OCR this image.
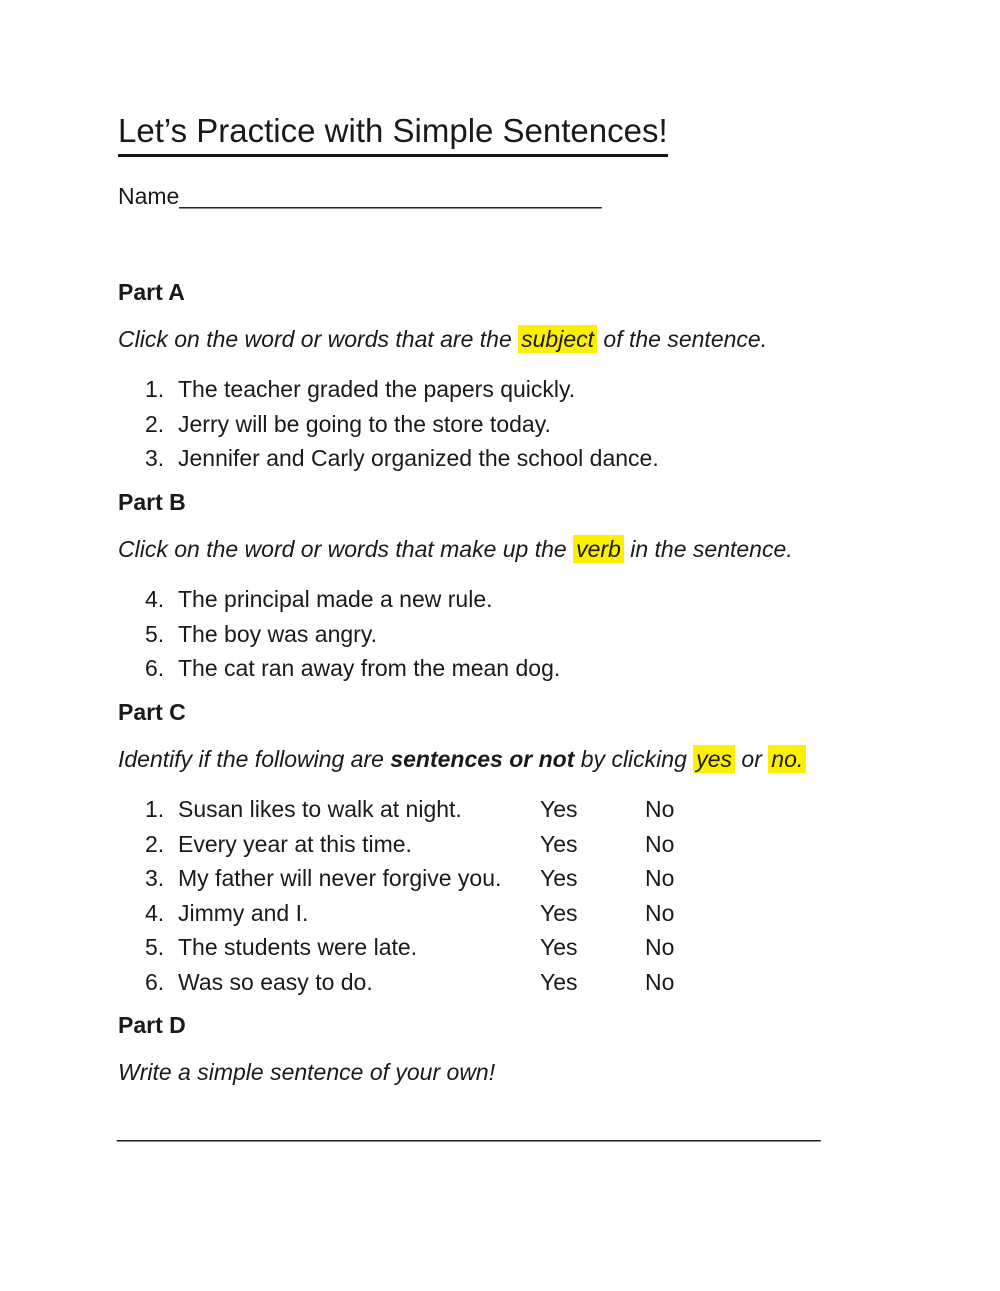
Let’s Practice with Simple Sentences!
Name_________________________________
Part A
Click on the word or words that are the subject of the sentence.
1. The teacher graded the papers quickly.
2. Jerry will be going to the store today.
3. Jennifer and Carly organized the school dance.
Part B
Click on the word or words that make up the verb in the sentence.
4. The principal made a new rule.
5. The boy was angry.
6. The cat ran away from the mean dog.
Part C
Identify if the following are sentences or not by clicking yes or no.
1. Susan likes to walk at night.	Yes	No
2. Every year at this time.	Yes	No
3. My father will never forgive you. Yes	No
4. Jimmy and I.	Yes	No
5. The students were late.	Yes	No
6. Was so easy to do.	Yes	No
Part D
Write a simple sentence of your own!
_______________________________________________________
